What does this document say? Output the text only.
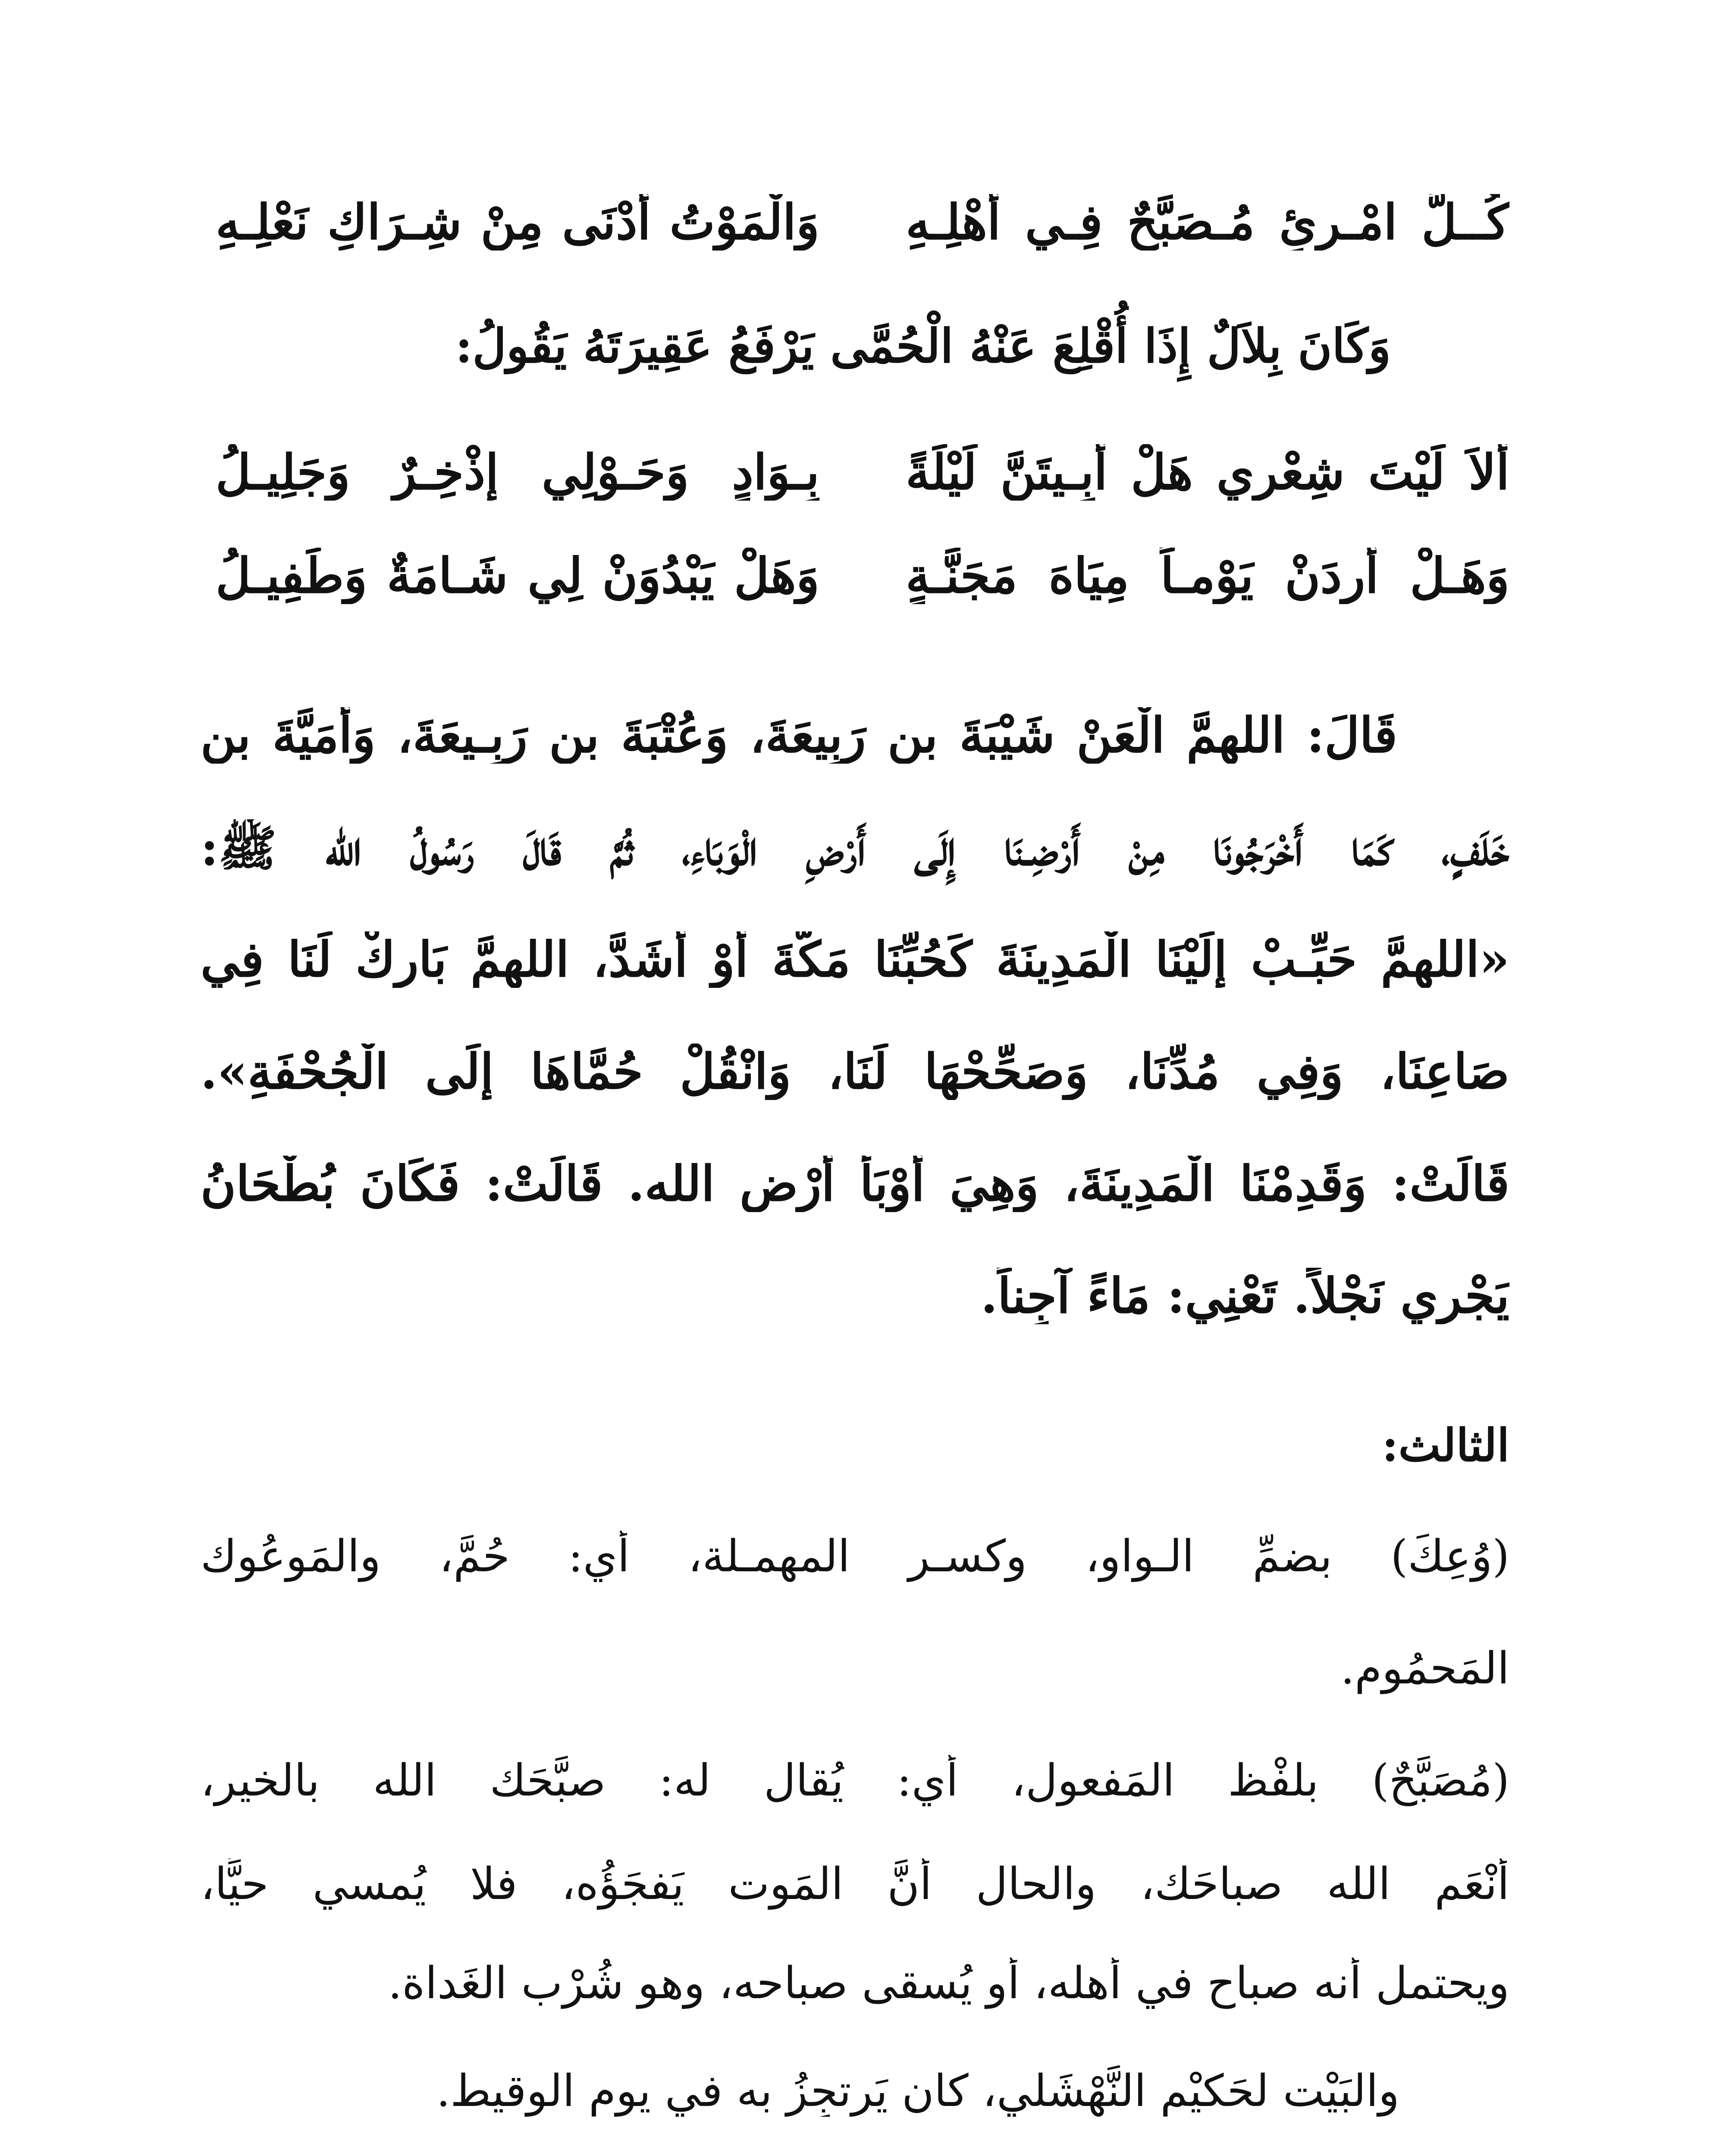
كُــلُّ امْـرِئٍ مُـصَبَّحٌ فِـي أَهْلِـهِ
وَالْمَوْتُ أَدْنَى مِنْ شِـرَاكِ نَعْلِـهِ
وَكَانَ بِلاَلٌ إِذَا أُقْلِعَ عَنْهُ الْحُمَّى يَرْفَعُ عَقِيرَتَهُ يَقُولُ:
أَلاَ لَيْتَ شِعْرِي هَلْ أَبِـيتَنَّ لَيْلَةً
بِـوَادٍ وَحَـوْلِي إِذْخِـرٌ وَجَلِيـلُ
وَهَـلْ أَرِدَنْ يَوْمـاً مِيَاهَ مَجَنَّـةٍ
وَهَلْ يَبْدُوَنْ لِي شَـامَةٌ وَطَفِيـلُ
قَالَ: اللهمَّ الْعَنْ شَيْبَةَ بن رَبِيعَةَ، وَعُتْبَةَ بن رَبِـيعَةَ، وَأُمَيَّةَ بن
خَلَفٍ، كَمَا أَخْرَجُونَا مِنْ أَرْضِـنَا إِلَى أَرْضِ الْوَبَاءِ، ثُمَّ قَالَ رَسُولُ الله ﷺ:
«اللهمَّ حَبِّـبْ إِلَيْنَا الْمَدِينَةَ كَحُبِّنَا مَكَّةَ أَوْ أَشَدَّ، اللهمَّ بَارِكْ لَنَا فِي
صَاعِنَا، وَفِي مُدِّنَا، وَصَحِّحْهَا لَنَا، وَانْقُلْ حُمَّاهَا إِلَى الْجُحْفَةِ».
قَالَتْ: وَقَدِمْنَا الْمَدِينَةَ، وَهِيَ أَوْبَأُ أَرْضِ الله. قَالَتْ: فَكَانَ بُطْحَانُ
يَجْرِي نَجْلاً. تَعْنِي: مَاءً آجِناً.
الثالث:
(وُعِكَ) بضمِّ الـواو، وكسـر المهمـلة، أي: حُمَّ، والمَوعُوك
المَحمُوم.
(مُصَبَّحٌ) بلفْظ المَفعول، أي: يُقال له: صبَّحَك الله بالخير،
أنْعَم الله صباحَك، والحال أنَّ المَوت يَفجَؤُه، فلا يُمسي حيًّا،
ويحتمل أنه صباح في أهله، أو يُسقى صباحه، وهو شُرْب الغَداة.
والبَيْت لحَكيْم النَّهْشَلي، كان يَرتجِزُ به في يوم الوقيط.
